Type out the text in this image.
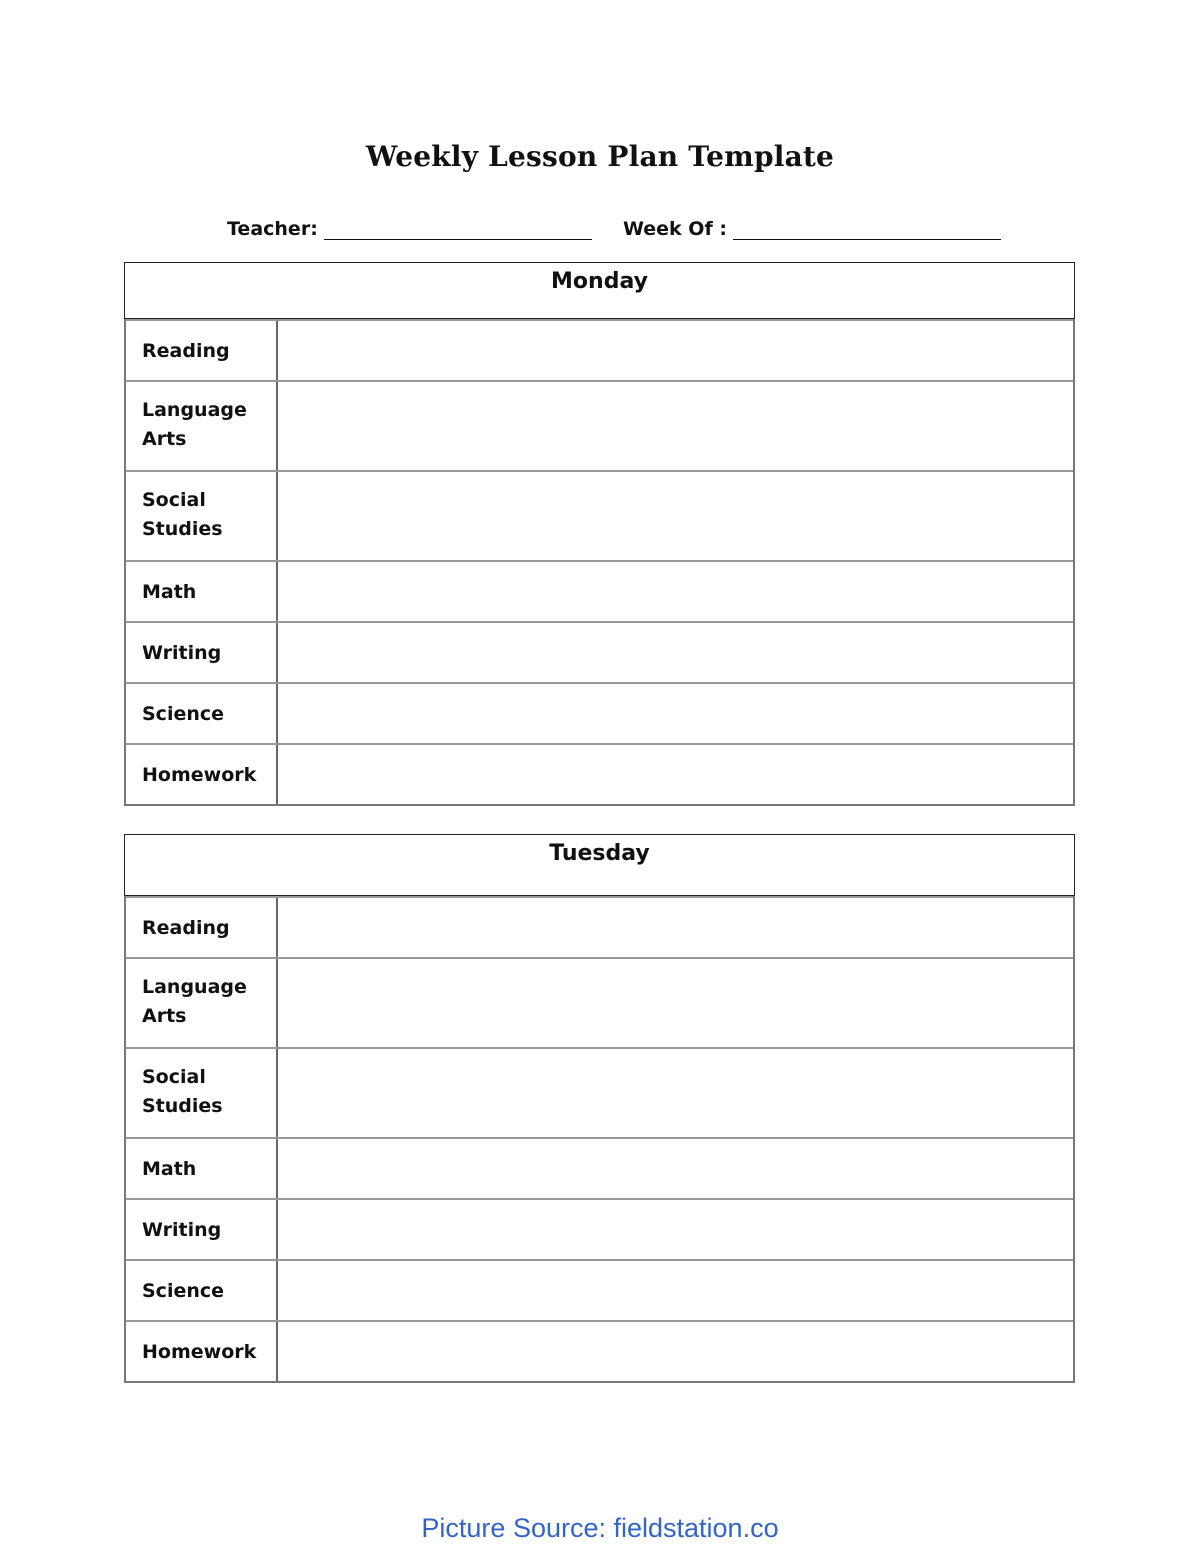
Weekly Lesson Plan Template
Teacher:	Week Of :
Monday
Reading
Language
Arts
Social
Studies
Math
Writing
Science
Homework
Tuesday
Reading
Language
Arts
Social
Studies
Math
Writing
Science
Homework
Picture Source: fieldstation.co
